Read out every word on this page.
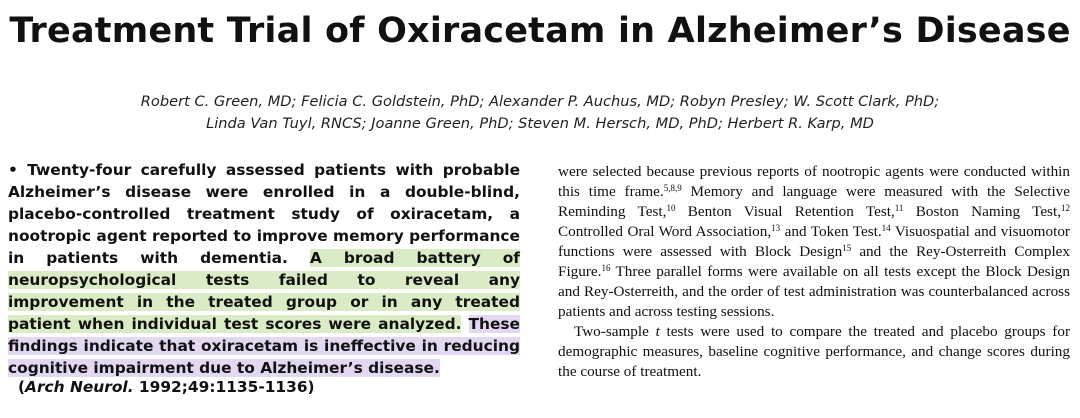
Treatment Trial of Oxiracetam in Alzheimer’s Disease
Robert C. Green, MD; Felicia C. Goldstein, PhD; Alexander P. Auchus, MD; Robyn Presley; W. Scott Clark, PhD;
Linda Van Tuyl, RNCS; Joanne Green, PhD; Steven M. Hersch, MD, PhD; Herbert R. Karp, MD

• Twenty-four carefully assessed patients with probable Alzheimer’s disease were enrolled in a double-blind, placebo-controlled treatment study of oxiracetam, a nootropic agent reported to improve memory performance in patients with dementia. A broad battery of neuropsychological tests failed to reveal any improvement in the treated group or in any treated patient when individual test scores were analyzed. These findings indicate that oxiracetam is ineffective in reducing cognitive impairment due to Alzheimer’s disease.

(Arch Neurol. 1992;49:1135-1136)

were selected because previous reports of nootropic agents were conducted within this time frame.$^{5,8,9}$ Memory and language were measured with the Selective Reminding Test,$^{10}$ Benton Visual Retention Test,$^{11}$ Boston Naming Test,$^{12}$ Controlled Oral Word Association,$^{13}$ and Token Test.$^{14}$ Visuospatial and visuomotor functions were assessed with Block Design$^{15}$ and the Rey-Osterreith Complex Figure.$^{16}$ Three parallel forms were available on all tests except the Block Design and Rey-Osterreith, and the order of test administration was counterbalanced across patients and across testing sessions.

Two-sample t tests were used to compare the treated and placebo groups for demographic measures, baseline cognitive performance, and change scores during the course of treatment.
